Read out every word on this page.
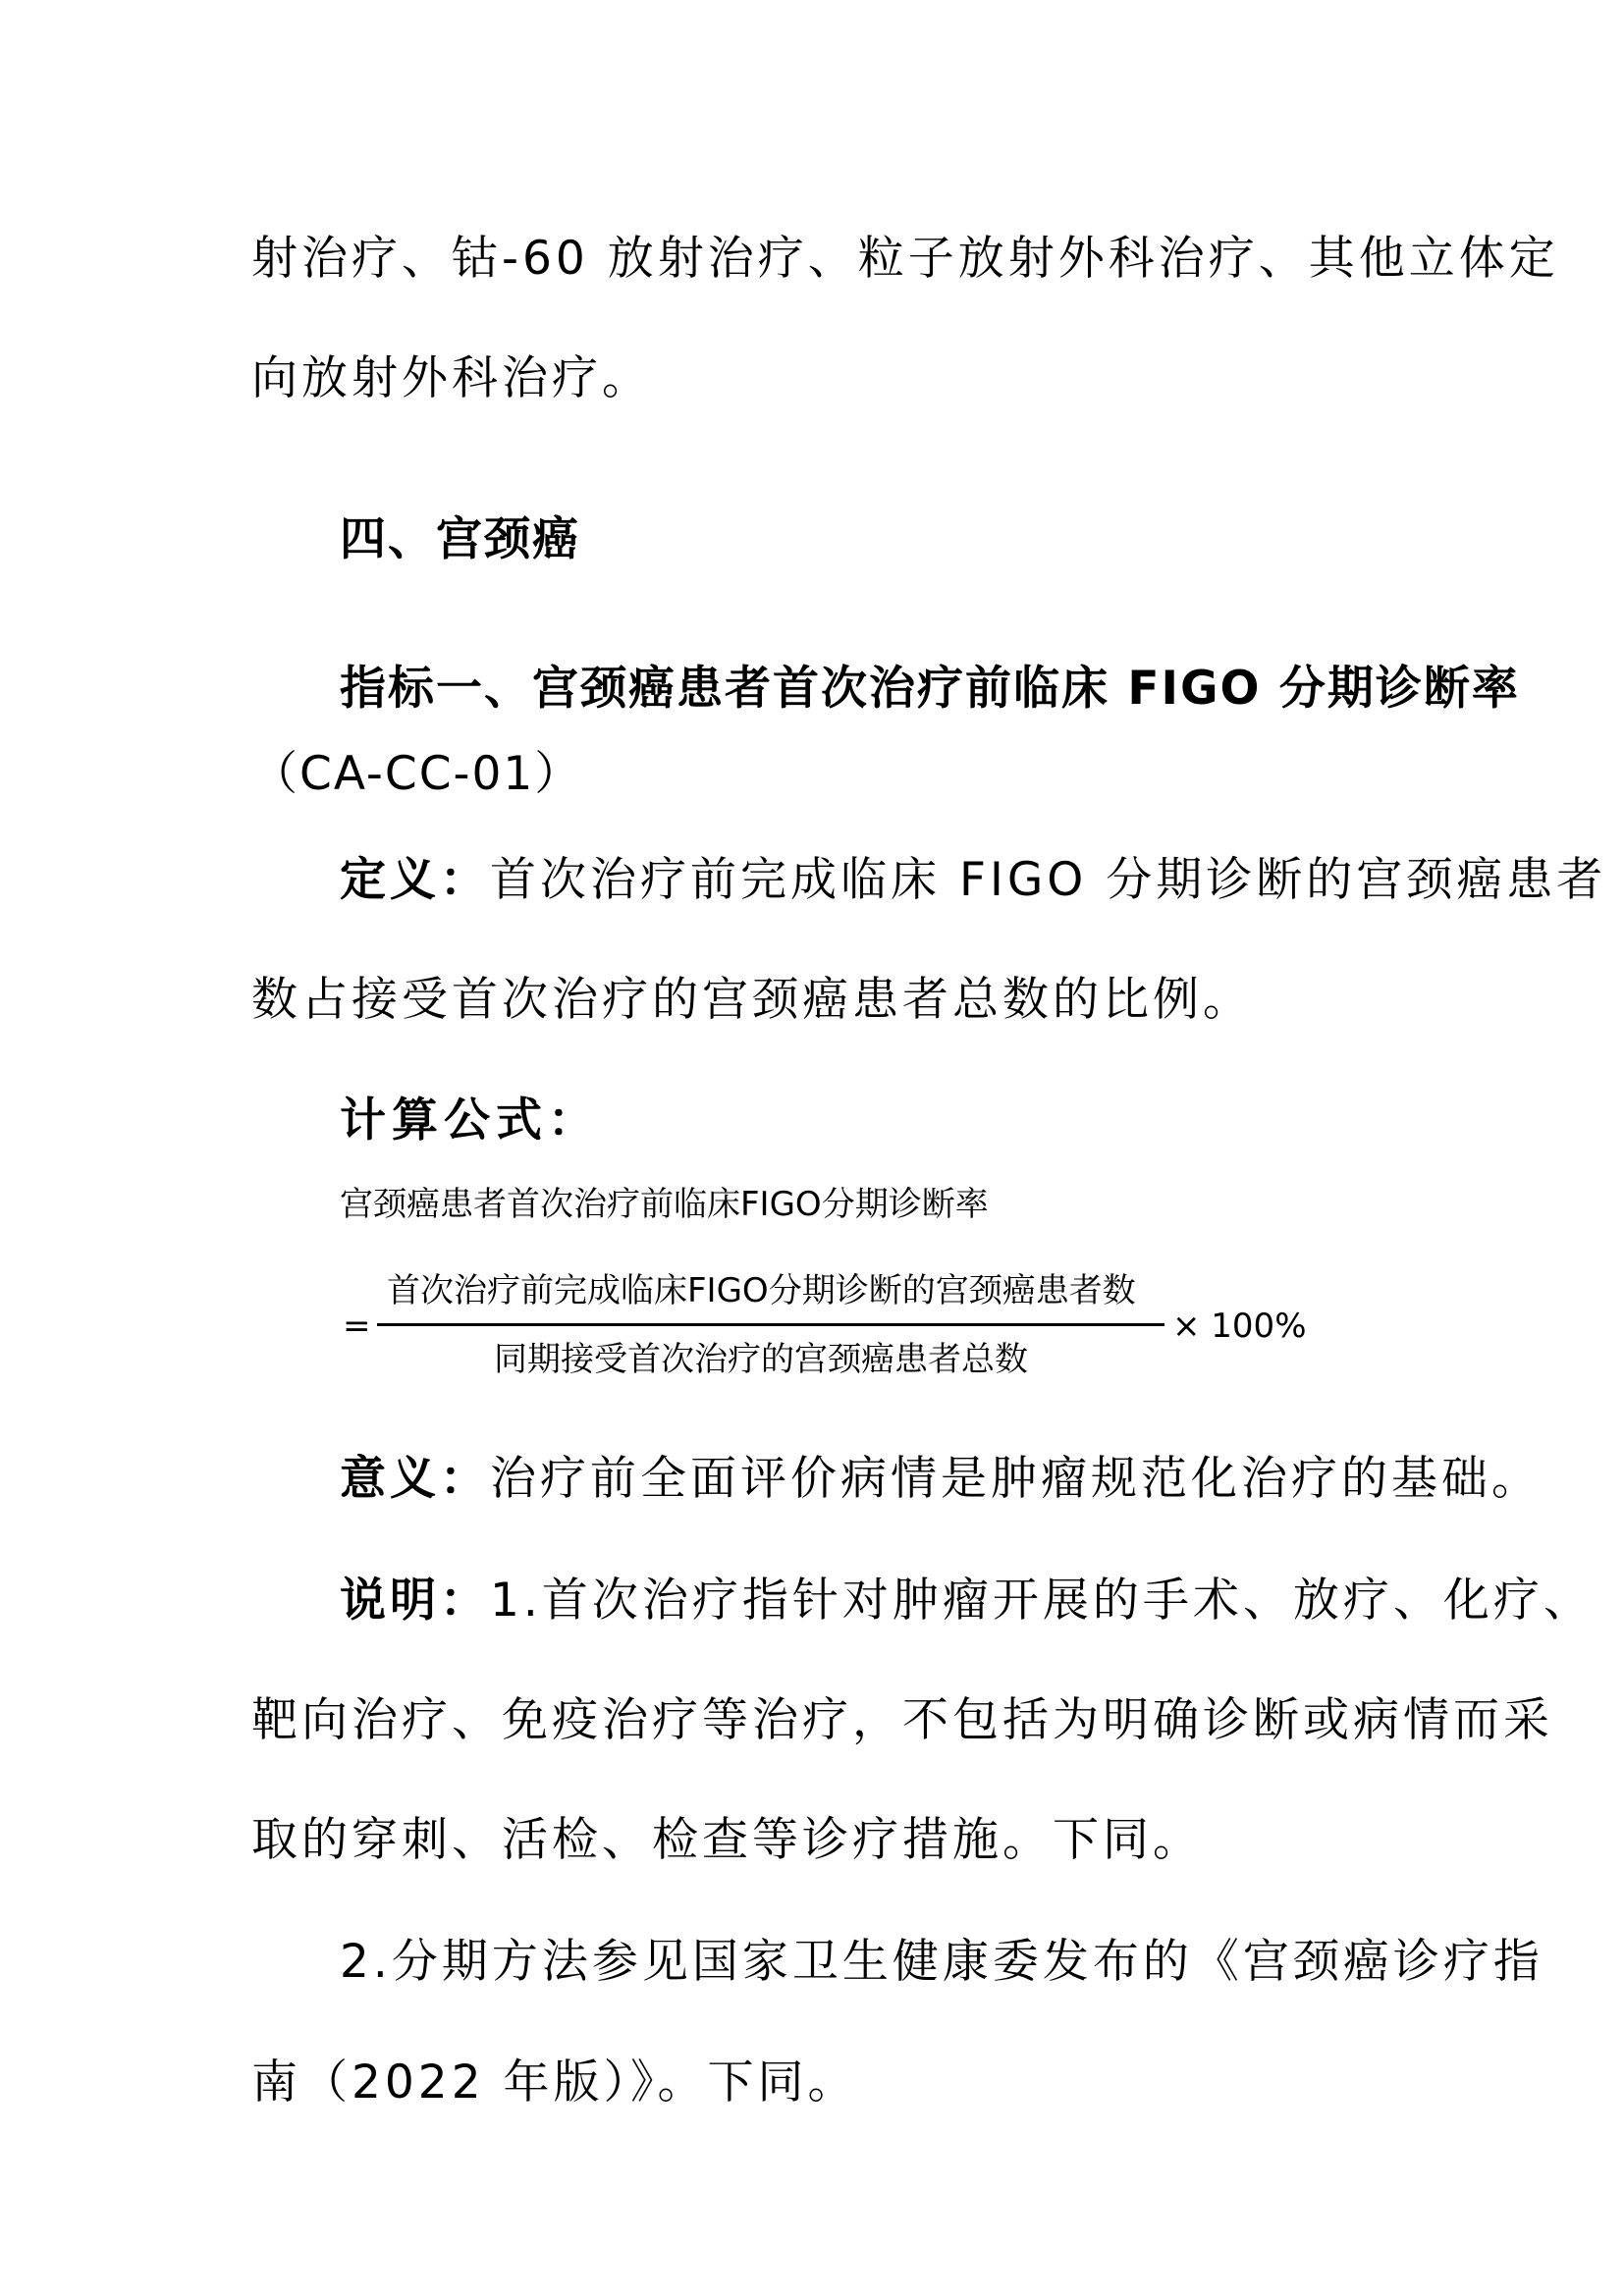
射治疗、钴-60 放射治疗、粒子放射外科治疗、其他立体定
向放射外科治疗。
四、宫颈癌
指标一、宫颈癌患者首次治疗前临床 FIGO 分期诊断率
（CA-CC-01）
定义：首次治疗前完成临床 FIGO 分期诊断的宫颈癌患者
数占接受首次治疗的宫颈癌患者总数的比例。
计算公式：
宫颈癌患者首次治疗前临床FIGO分期诊断率
=
首次治疗前完成临床FIGO分期诊断的宫颈癌患者数
同期接受首次治疗的宫颈癌患者总数
× 100%
意义：治疗前全面评价病情是肿瘤规范化治疗的基础。
说明：1.首次治疗指针对肿瘤开展的手术、放疗、化疗、
靶向治疗、免疫治疗等治疗，不包括为明确诊断或病情而采
取的穿刺、活检、检查等诊疗措施。下同。
2.分期方法参见国家卫生健康委发布的《宫颈癌诊疗指
南（2022 年版）》。下同。
